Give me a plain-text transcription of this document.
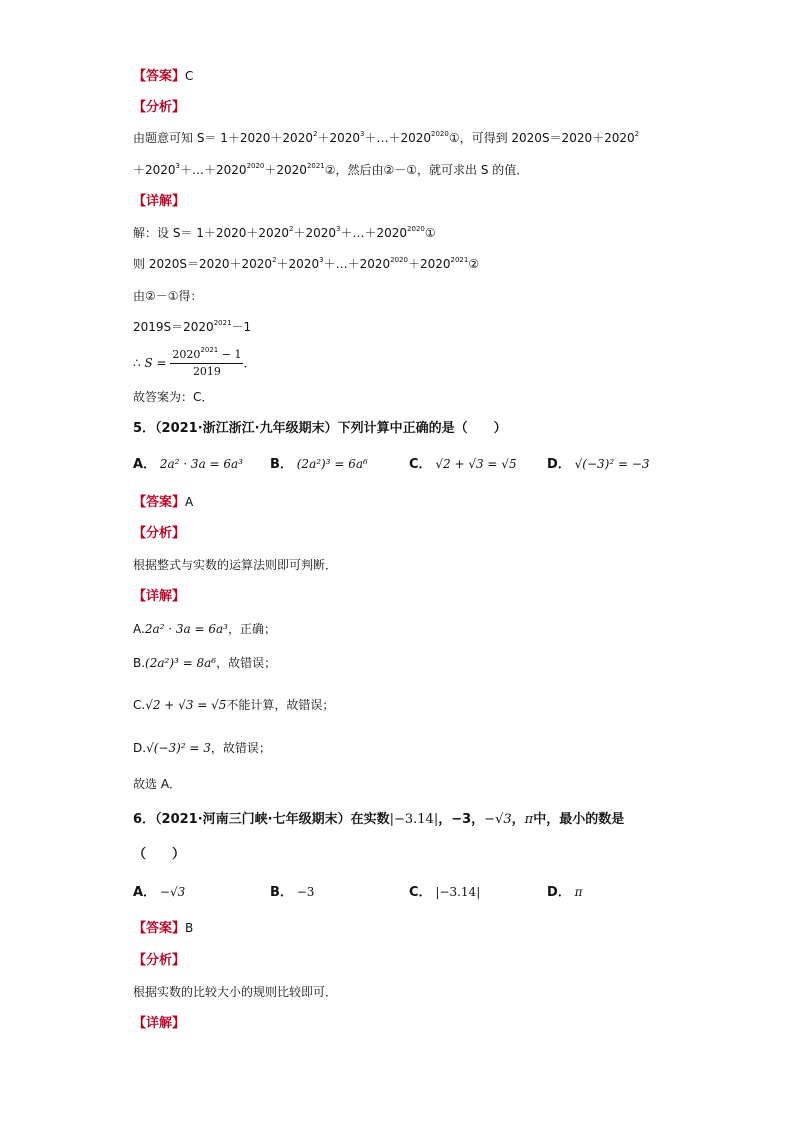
【答案】C
【分析】
由题意可知 $S= 1+2020+2020^2+2020^3+\dots+2020^{2020}①$，可得到 $2020S=2020+2020^2$
$+2020^3+\dots+2020^{2020}+2020^{2021}②$，然后由②－①，就可求出 S 的值．
【详解】
解：设 $S= 1+2020+2020^2+2020^3+\dots+2020^{2020}①$
则 $2020S=2020+2020^2+2020^3+\dots+2020^{2020}+2020^{2021}②$
由②－①得：
$2019S=2020^{2021}-1$
∴ $S = \frac{2020^{2021} - 1}{2019}$ ．
故答案为：C．
5．（2021·浙江浙江·九年级期末）下列计算中正确的是（　　）
A． 2a² · 3a = 6a³ B． (2a²)³ = 6a⁶	C． √2 + √3 = √5 D． √(−3)² = −3
【答案】A
【分析】
根据整式与实数的运算法则即可判断．
【详解】
A.2a² · 3a = 6a³，正确；
B.(2a²)³ = 8a⁶，故错误；
C.√2 + √3 = √5不能计算，故错误；
D.√(−3)² = 3，故错误；
故选 A．
6．（2021·河南三门峡·七年级期末）在实数|−3.14|，−3，−√3，π中，最小的数是
（　　）
A． −√3	B． −3	C． |−3.14|	D． π
【答案】B
【分析】
根据实数的比较大小的规则比较即可．
【详解】
